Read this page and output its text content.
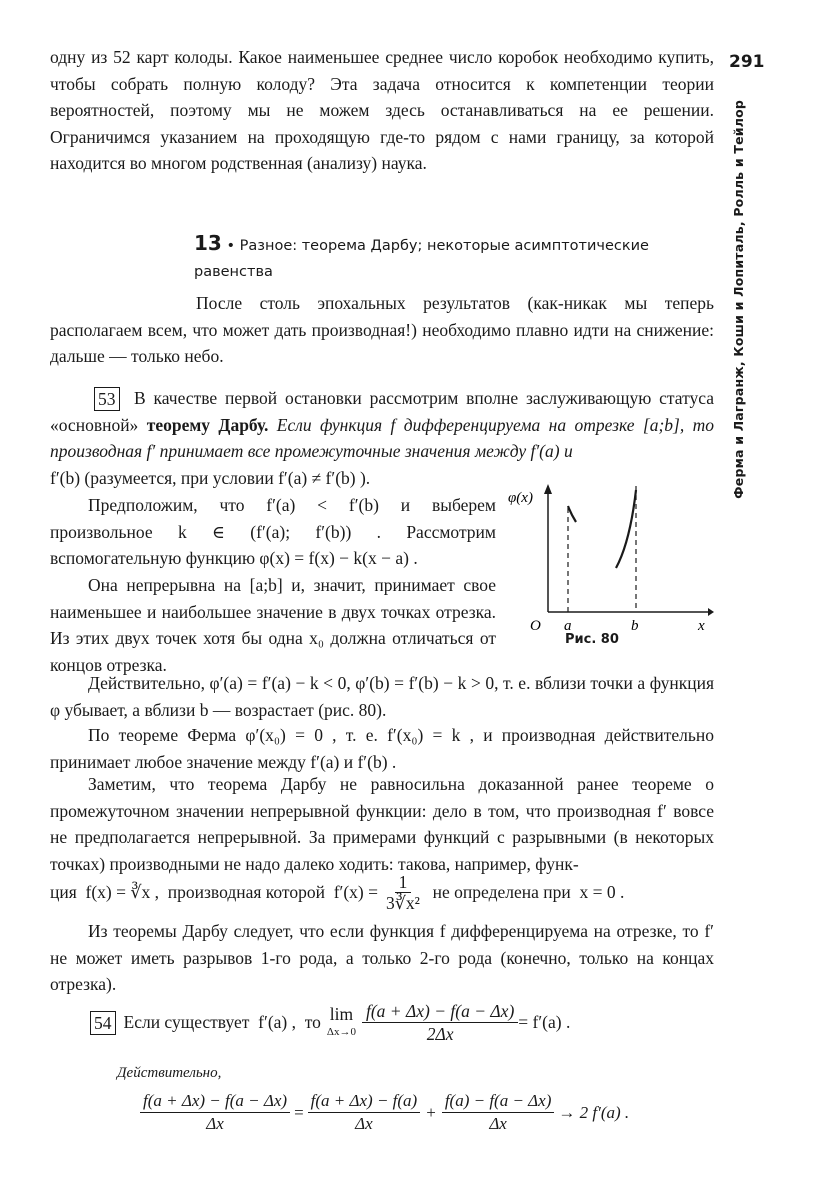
291
Ферма и Лагранж, Коши и Лопиталь, Ролль и Тейлор

одну из 52 карт колоды. Какое наименьшее среднее число коробок необходимо купить, чтобы собрать полную колоду? Эта задача относится к компетенции теории вероятностей, поэтому мы не можем здесь останавливаться на ее решении. Ограничимся указанием на проходящую где-то рядом с нами границу, за которой находится во многом родственная (анализу) наука.

13 • Разное: теорема Дарбу; некоторые асимптотические равенства

После столь эпохальных результатов (как-никак мы теперь располагаем всем, что может дать производная!) необходимо плавно идти на снижение: дальше — только небо.

53 В качестве первой остановки рассмотрим вполне заслуживающую статуса «основной» теорему Дарбу. Если функция f дифференцируема на отрезке [a;b], то производная f′ принимает все промежуточные значения между f′(a) и
f′(b) (разумеется, при условии f′(a) ≠ f′(b) ).

Предположим, что f′(a) < f′(b) и выберем произвольное k ∈ (f′(a); f′(b)) . Рассмотрим вспомогательную функцию φ(x) = f(x) − k(x − a) .

Она непрерывна на [a;b] и, значит, принимает свое наименьшее и наибольшее значение в двух точках отрезка. Из этих двух точек хотя бы одна x₀ должна отличаться от концов отрезка.

φ(x)
O a	b	x
Рис. 80

Действительно, φ′(a) = f′(a) − k < 0, φ′(b) = f′(b) − k > 0, т. е. вблизи точки a функция φ убывает, а вблизи b — возрастает (рис. 80).

По теореме Ферма φ′(x₀) = 0 , т. е. f′(x₀) = k , и производная действительно принимает любое значение между f′(a) и f′(b) .

Заметим, что теорема Дарбу не равносильна доказанной ранее теореме о промежуточном значении непрерывной функции: дело в том, что производная f′ вовсе не предполагается непрерывной. За примерами функций с разрывными (в некоторых точках) производными не надо далеко ходить: такова, например, функ-

ция  f(x) = ∛x ,  производная которой  $f'(x) = \frac{1}{\text{3∛x²}}$ не определена при  x = 0 .

Из теоремы Дарбу следует, что если функция f дифференцируема на отрезке, то f′ не может иметь разрывов 1-го рода, а только 2-го рода (конечно, только на концах отрезка).

54 Если существует  f′(a) ,  то lim
$\Delta x\to 0 \frac{f(a + \Delta x) - f(a - \Delta x)}{2\Delta x} = f'(a)$ .
Действительно,
$\frac{f(a + \Delta x) - f(a - \Delta x)}{\Delta x} = \frac{f(a + \Delta x) - f(a)}{\Delta x} + \frac{f(a) - f(a - \Delta x)}{\Delta x} \to 2$ f′(a) .
